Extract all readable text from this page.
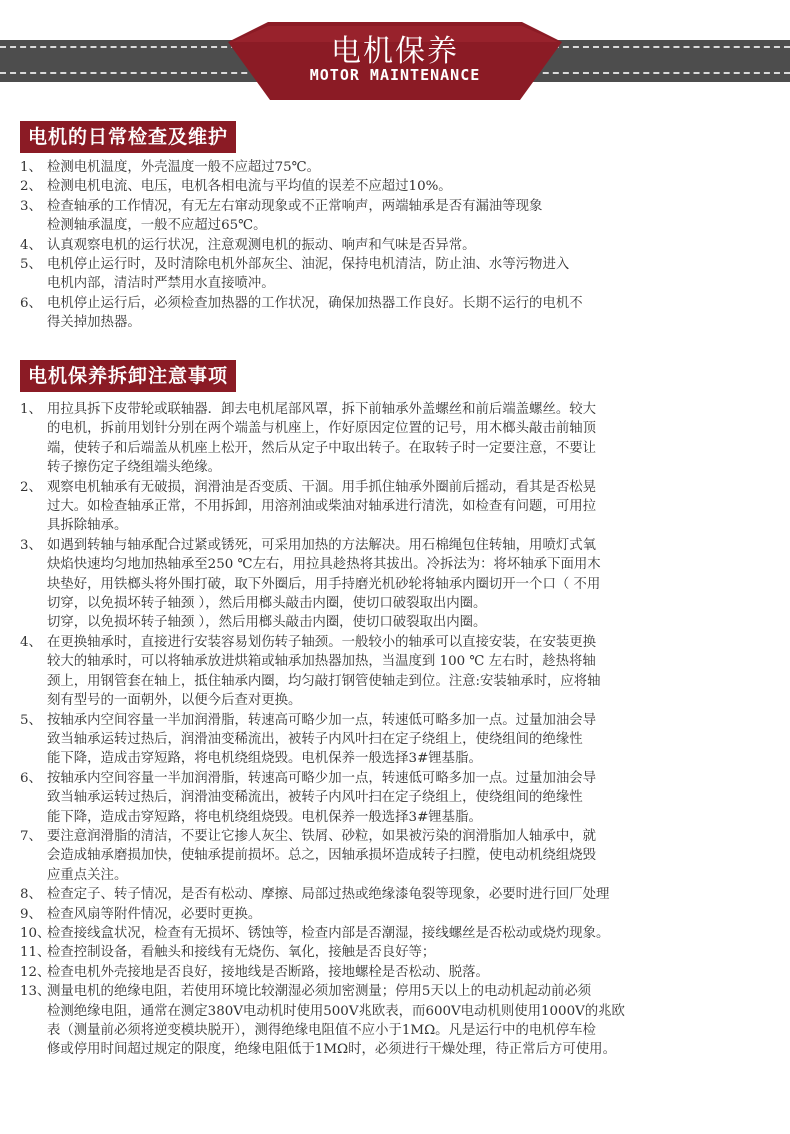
电机保养
MOTOR MAINTENANCE
电机的日常检查及维护
1、 检测电机温度，外壳温度一般不应超过75℃。
2、 检测电机电流、电压，电机各相电流与平均值的误差不应超过10%。
3、 检查轴承的工作情况，有无左右窜动现象或不正常响声，两端轴承是否有漏油等现象
检测轴承温度，一般不应超过65℃。
4、 认真观察电机的运行状况，注意观测电机的振动、响声和气味是否异常。
5、 电机停止运行时，及时清除电机外部灰尘、油泥，保持电机清洁，防止油、水等污物进入
电机内部，清洁时严禁用水直接喷冲。
6、 电机停止运行后，必须检查加热器的工作状况，确保加热器工作良好。长期不运行的电机不
得关掉加热器。
电机保养拆卸注意事项
1、 用拉具拆下皮带轮或联轴器．卸去电机尾部风罩，拆下前轴承外盖螺丝和前后端盖螺丝。较大
的电机，拆前用划针分别在两个端盖与机座上，作好原因定位置的记号，用木榔头敲击前轴顶
端，使转子和后端盖从机座上松开，然后从定子中取出转子。在取转子时一定要注意，不要让
转子擦伤定子绕组端头绝缘。
2、 观察电机轴承有无破损，润滑油是否变质、干涸。用手抓住轴承外圈前后摇动，看其是否松晃
过大。如检查轴承正常，不用拆卸，用溶剂油或柴油对轴承进行清洗，如检查有问题，可用拉
具拆除轴承。
3、 如遇到转轴与轴承配合过紧或锈死，可采用加热的方法解决。用石棉绳包住转轴，用喷灯式氧
炔焰快速均匀地加热轴承至250 ℃左右，用拉具趁热将其拔出。冷拆法为：将坏轴承下面用木
块垫好，用铁榔头将外围打破，取下外圈后，用手持磨光机砂轮将轴承内圈切开一个口（ 不用
切穿，以免损坏转子轴颈 ），然后用榔头敲击内圈，使切口破裂取出内圈。
切穿，以免损坏转子轴颈 ），然后用榔头敲击内圈，使切口破裂取出内圈。
4、 在更换轴承时，直接进行安装容易划伤转子轴颈。一般较小的轴承可以直接安装，在安装更换
较大的轴承时，可以将轴承放进烘箱或轴承加热器加热，当温度到 100 ℃ 左右时，趁热将轴
颈上，用钢管套在轴上，抵住轴承内圈，均匀敲打钢管使轴走到位。注意:安装轴承时，应将轴
刻有型号的一面朝外，以便今后查对更换。
5、 按轴承内空间容量一半加润滑脂，转速高可略少加一点，转速低可略多加一点。过量加油会导
致当轴承运转过热后，润滑油变稀流出，被转子内风叶扫在定子绕组上，使绕组间的绝缘性
能下降，造成击穿短路，将电机绕组烧毁。电机保养一般选择3#锂基脂。
6、 按轴承内空间容量一半加润滑脂，转速高可略少加一点，转速低可略多加一点。过量加油会导
致当轴承运转过热后，润滑油变稀流出，被转子内风叶扫在定子绕组上，使绕组间的绝缘性
能下降，造成击穿短路，将电机绕组烧毁。电机保养一般选择3#锂基脂。
7、 要注意润滑脂的清洁，不要让它掺人灰尘、铁屑、砂粒，如果被污染的润滑脂加人轴承中，就
会造成轴承磨损加快，使轴承提前损坏。总之，因轴承损坏造成转子扫膛，使电动机绕组烧毁
应重点关注。
8、 检查定子、转子情况，是否有松动、摩擦、局部过热或绝缘漆龟裂等现象，必要时进行回厂处理
9、 检查风扇等附件情况，必要时更换。
10、
检查接线盒状况，检查有无损坏、锈蚀等，检查内部是否潮湿，接线螺丝是否松动或烧灼现象。
11、
检查控制设备，看触头和接线有无烧伤、氧化，接触是否良好等；
12、
检查电机外壳接地是否良好，接地线是否断路，接地螺栓是否松动、脱落。
13、
测量电机的绝缘电阻，若使用环境比较潮湿必须加密测量；停用5天以上的电动机起动前必须
检测绝缘电阻，通常在测定380V电动机时使用500V兆欧表，而600V电动机则使用1000V的兆欧
表（测量前必须将逆变模块脱开），测得绝缘电阻值不应小于1MΩ。凡是运行中的电机停车检
修或停用时间超过规定的限度，绝缘电阻低于1MΩ时，必须进行干燥处理，待正常后方可使用。
